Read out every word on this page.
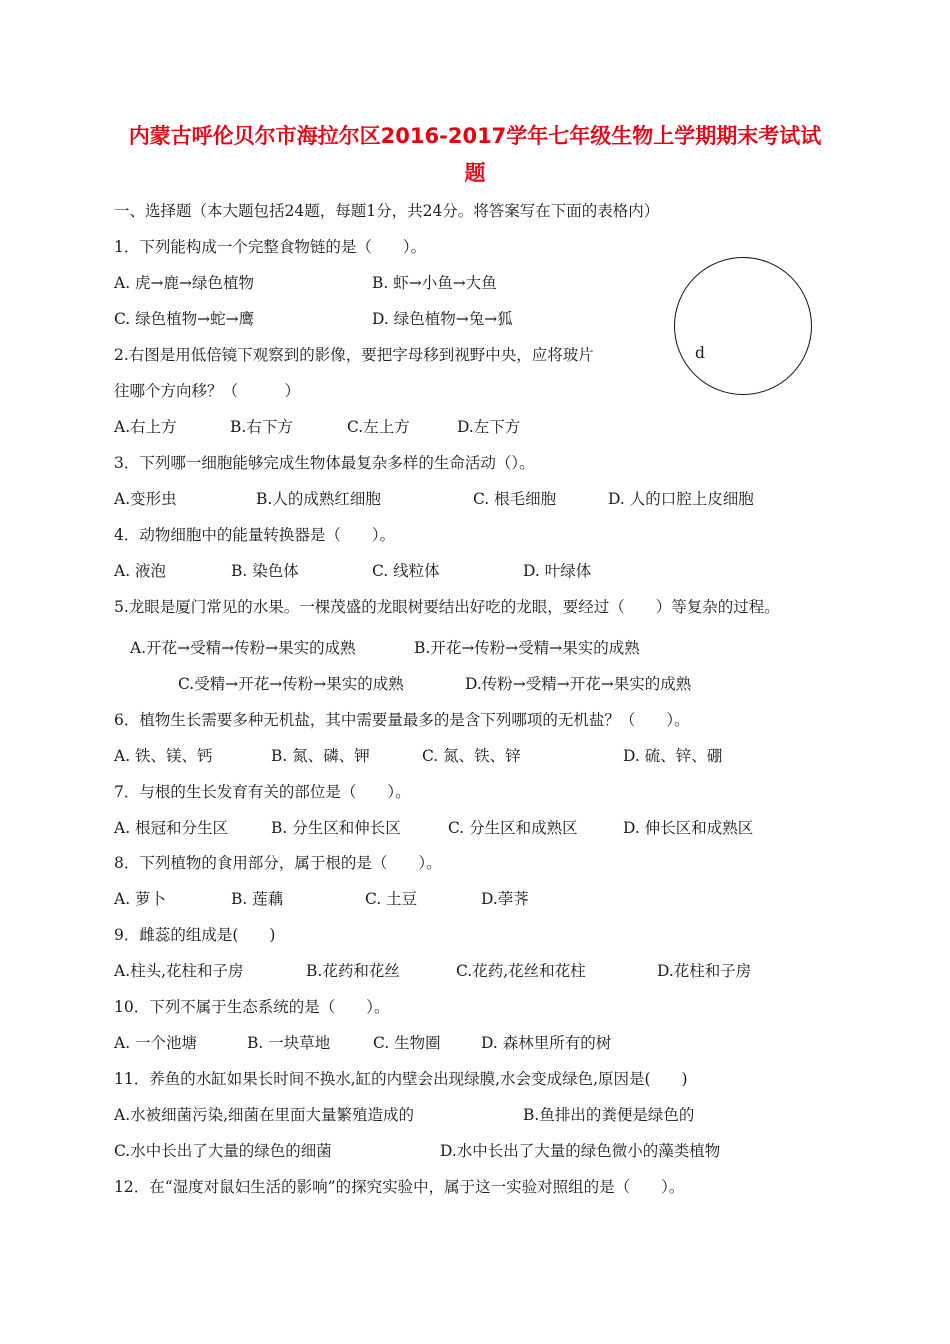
内蒙古呼伦贝尔市海拉尔区2016-2017学年七年级生物上学期期末考试试
题
一、选择题（本大题包括24题，每题1分，共24分。将答案写在下面的表格内）
1．下列能构成一个完整食物链的是（　　）。
A. 虎→鹿→绿色植物	B. 虾→小鱼→大鱼
C. 绿色植物→蛇→鹰	D. 绿色植物→兔→狐
d
2.右图是用低倍镜下观察到的影像，要把字母移到视野中央，应将玻片
往哪个方向移？（　　　）
A.右上方	B.右下方	C.左上方	D.左下方
3．下列哪一细胞能够完成生物体最复杂多样的生命活动（）。
A.变形虫	B.人的成熟红细胞	C. 根毛细胞	D. 人的口腔上皮细胞
4．动物细胞中的能量转换器是（　　）。
A. 液泡	B. 染色体	C. 线粒体	D. 叶绿体
5.龙眼是厦门常见的水果。一棵茂盛的龙眼树要结出好吃的龙眼，要经过（　　）等复杂的过程。
A.开花→受精→传粉→果实的成熟	B.开花→传粉→受精→果实的成熟
C.受精→开花→传粉→果实的成熟	D.传粉→受精→开花→果实的成熟
6．植物生长需要多种无机盐，其中需要量最多的是含下列哪项的无机盐？（　　）。
A. 铁、镁、钙	B. 氮、磷、钾	C. 氮、铁、锌	D. 硫、锌、硼
7．与根的生长发育有关的部位是（　　）。
A. 根冠和分生区	B. 分生区和伸长区	C. 分生区和成熟区	D. 伸长区和成熟区
8．下列植物的食用部分，属于根的是（　　）。
A. 萝卜	B. 莲藕	C. 土豆	D.荸荠
9．雌蕊的组成是(　　)
A.柱头,花柱和子房	B.花药和花丝	C.花药,花丝和花柱	D.花柱和子房
10．下列不属于生态系统的是（　　）。
A. 一个池塘	B. 一块草地	C. 生物圈	D. 森林里所有的树
11．养鱼的水缸如果长时间不换水,缸的内壁会出现绿膜,水会变成绿色,原因是(　　)
A.水被细菌污染,细菌在里面大量繁殖造成的	B.鱼排出的粪便是绿色的
C.水中长出了大量的绿色的细菌	D.水中长出了大量的绿色微小的藻类植物
12．在“湿度对鼠妇生活的影响”的探究实验中，属于这一实验对照组的是（　　）。
